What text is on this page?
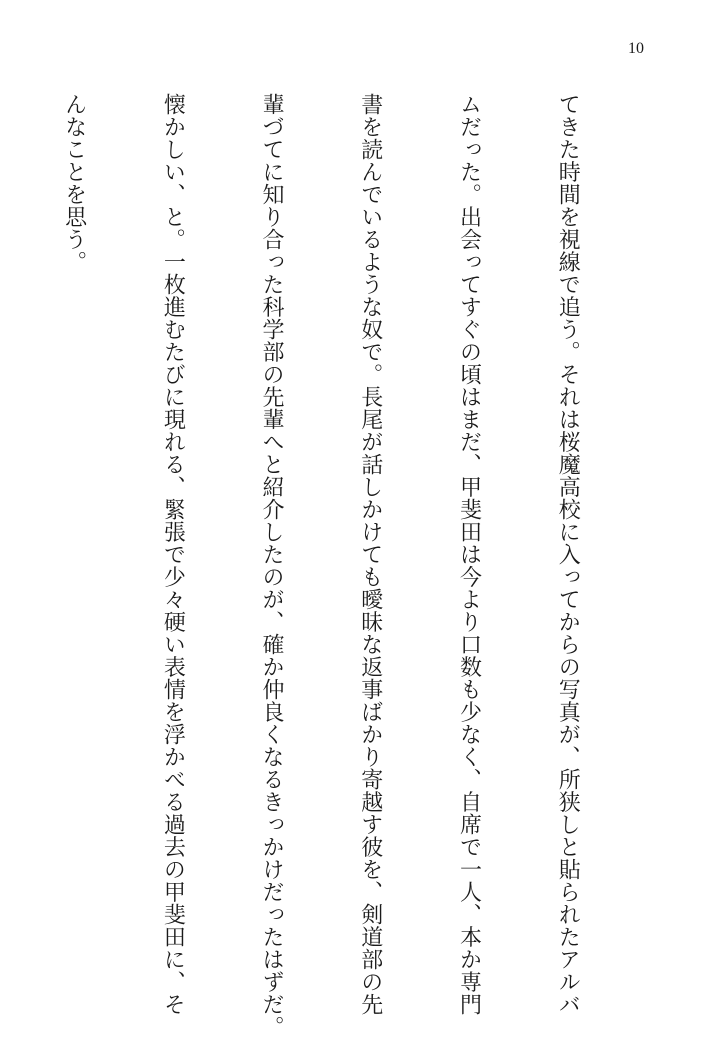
10

てきた時間を視線で追う。それは桜魔高校に入ってからの写真が、所狭しと貼られたアルバ

ムだった。出会ってすぐの頃はまだ、甲斐田は今より口数も少なく、自席で一人、本か専門

書を読んでいるような奴で。長尾が話しかけても曖昧な返事ばかり寄越す彼を、剣道部の先

輩づてに知り合った科学部の先輩へと紹介したのが、確か仲良くなるきっかけだったはずだ。

懐かしい、と。一枚進むたびに現れる、緊張で少々硬い表情を浮かべる過去の甲斐田に、そ

んなことを思う。
